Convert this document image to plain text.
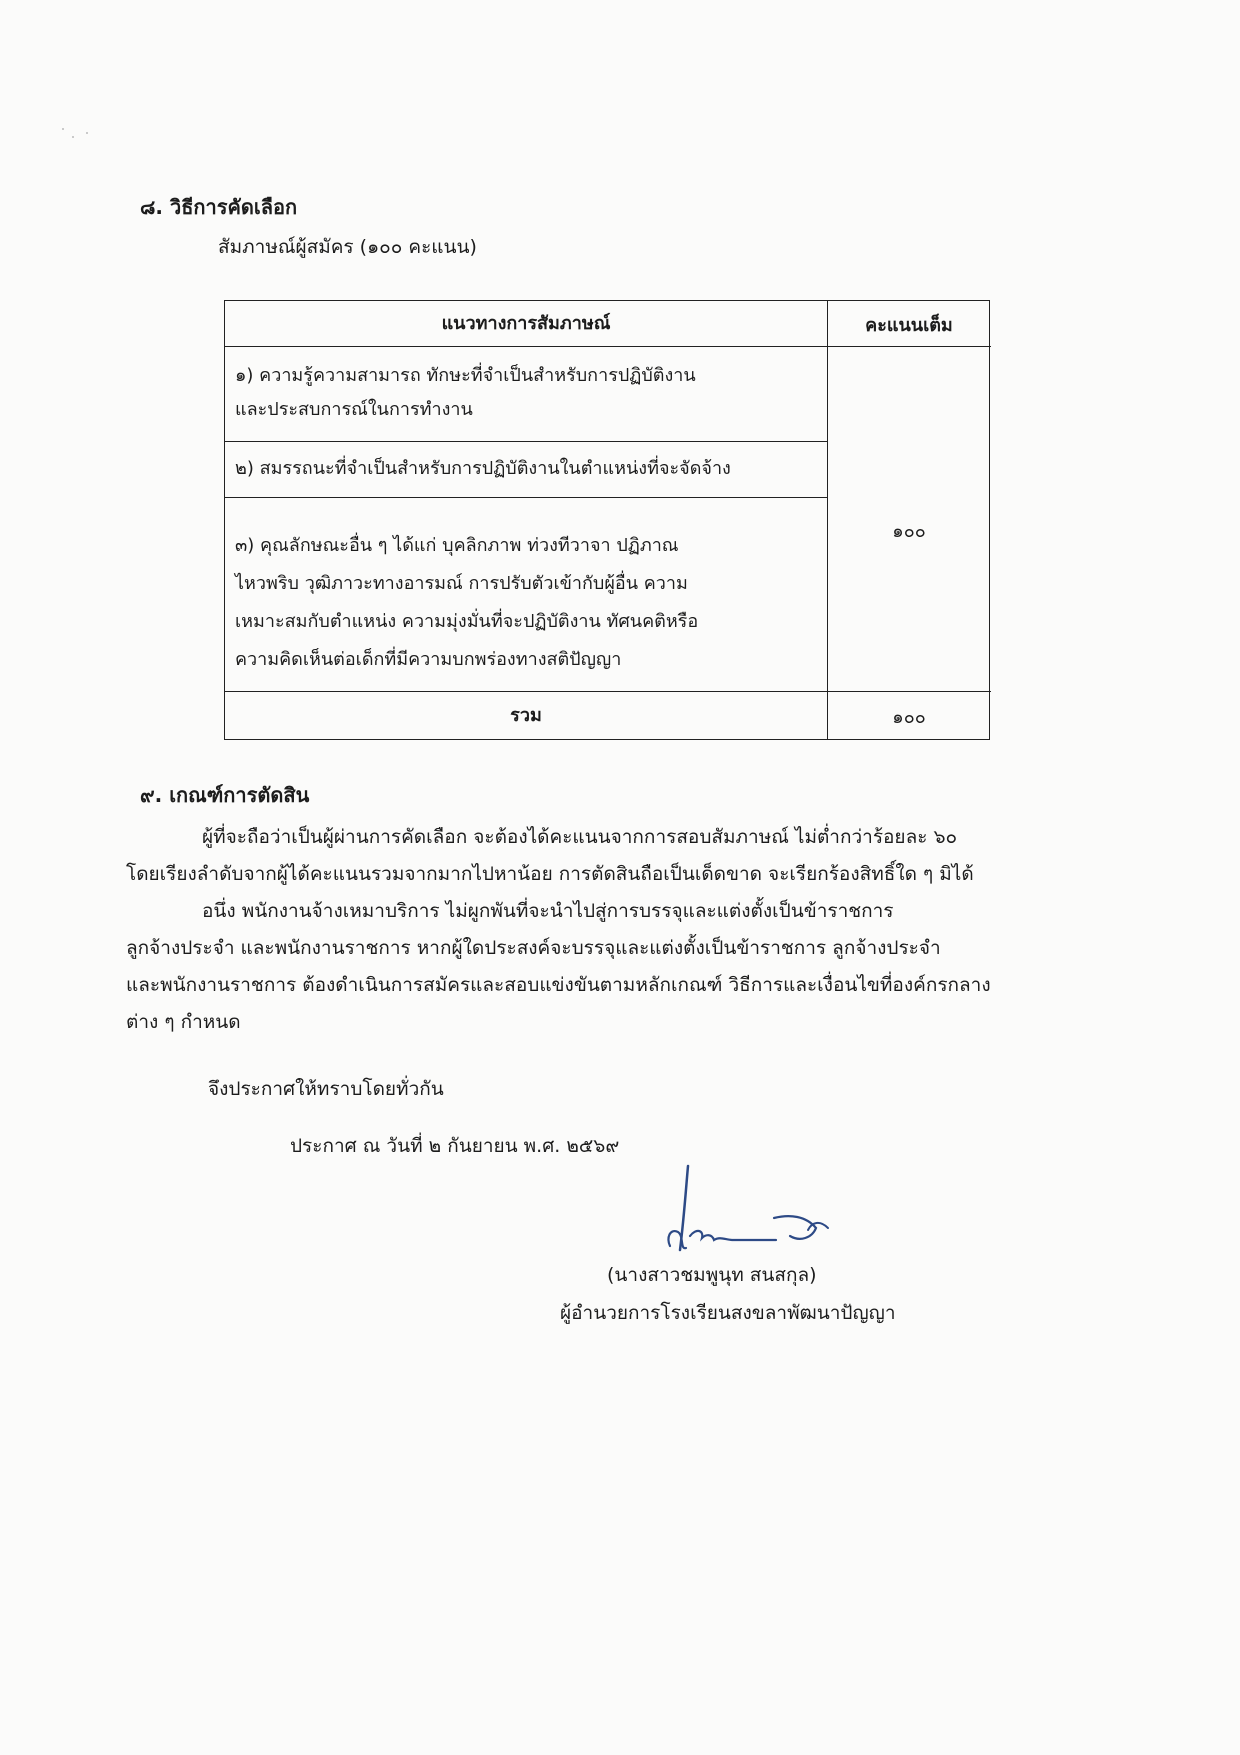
๘. วิธีการคัดเลือก
สัมภาษณ์ผู้สมัคร (๑๐๐ คะแนน)
แนวทางการสัมภาษณ์	คะแนนเต็ม
๑) ความรู้ความสามารถ ทักษะที่จำเป็นสำหรับการปฏิบัติงาน
และประสบการณ์ในการทำงาน
๒) สมรรถนะที่จำเป็นสำหรับการปฏิบัติงานในตำแหน่งที่จะจัดจ้าง
๓) คุณลักษณะอื่น ๆ ได้แก่ บุคลิกภาพ ท่วงทีวาจา ปฏิภาณ
ไหวพริบ วุฒิภาวะทางอารมณ์ การปรับตัวเข้ากับผู้อื่น ความ
เหมาะสมกับตำแหน่ง ความมุ่งมั่นที่จะปฏิบัติงาน ทัศนคติหรือ
ความคิดเห็นต่อเด็กที่มีความบกพร่องทางสติปัญญา
๑๐๐
รวม	๑๐๐
๙. เกณฑ์การตัดสิน
ผู้ที่จะถือว่าเป็นผู้ผ่านการคัดเลือก จะต้องได้คะแนนจากการสอบสัมภาษณ์ ไม่ต่ำกว่าร้อยละ ๖๐
โดยเรียงลำดับจากผู้ได้คะแนนรวมจากมากไปหาน้อย การตัดสินถือเป็นเด็ดขาด จะเรียกร้องสิทธิ์ใด ๆ มิได้
อนึ่ง พนักงานจ้างเหมาบริการ ไม่ผูกพันที่จะนำไปสู่การบรรจุและแต่งตั้งเป็นข้าราชการ
ลูกจ้างประจำ และพนักงานราชการ หากผู้ใดประสงค์จะบรรจุและแต่งตั้งเป็นข้าราชการ ลูกจ้างประจำ
และพนักงานราชการ ต้องดำเนินการสมัครและสอบแข่งขันตามหลักเกณฑ์ วิธีการและเงื่อนไขที่องค์กรกลาง
ต่าง ๆ กำหนด
จึงประกาศให้ทราบโดยทั่วกัน
ประกาศ ณ วันที่ ๒ กันยายน พ.ศ. ๒๕๖๙
(นางสาวชมพูนุท สนสกุล)
ผู้อำนวยการโรงเรียนสงขลาพัฒนาปัญญา
